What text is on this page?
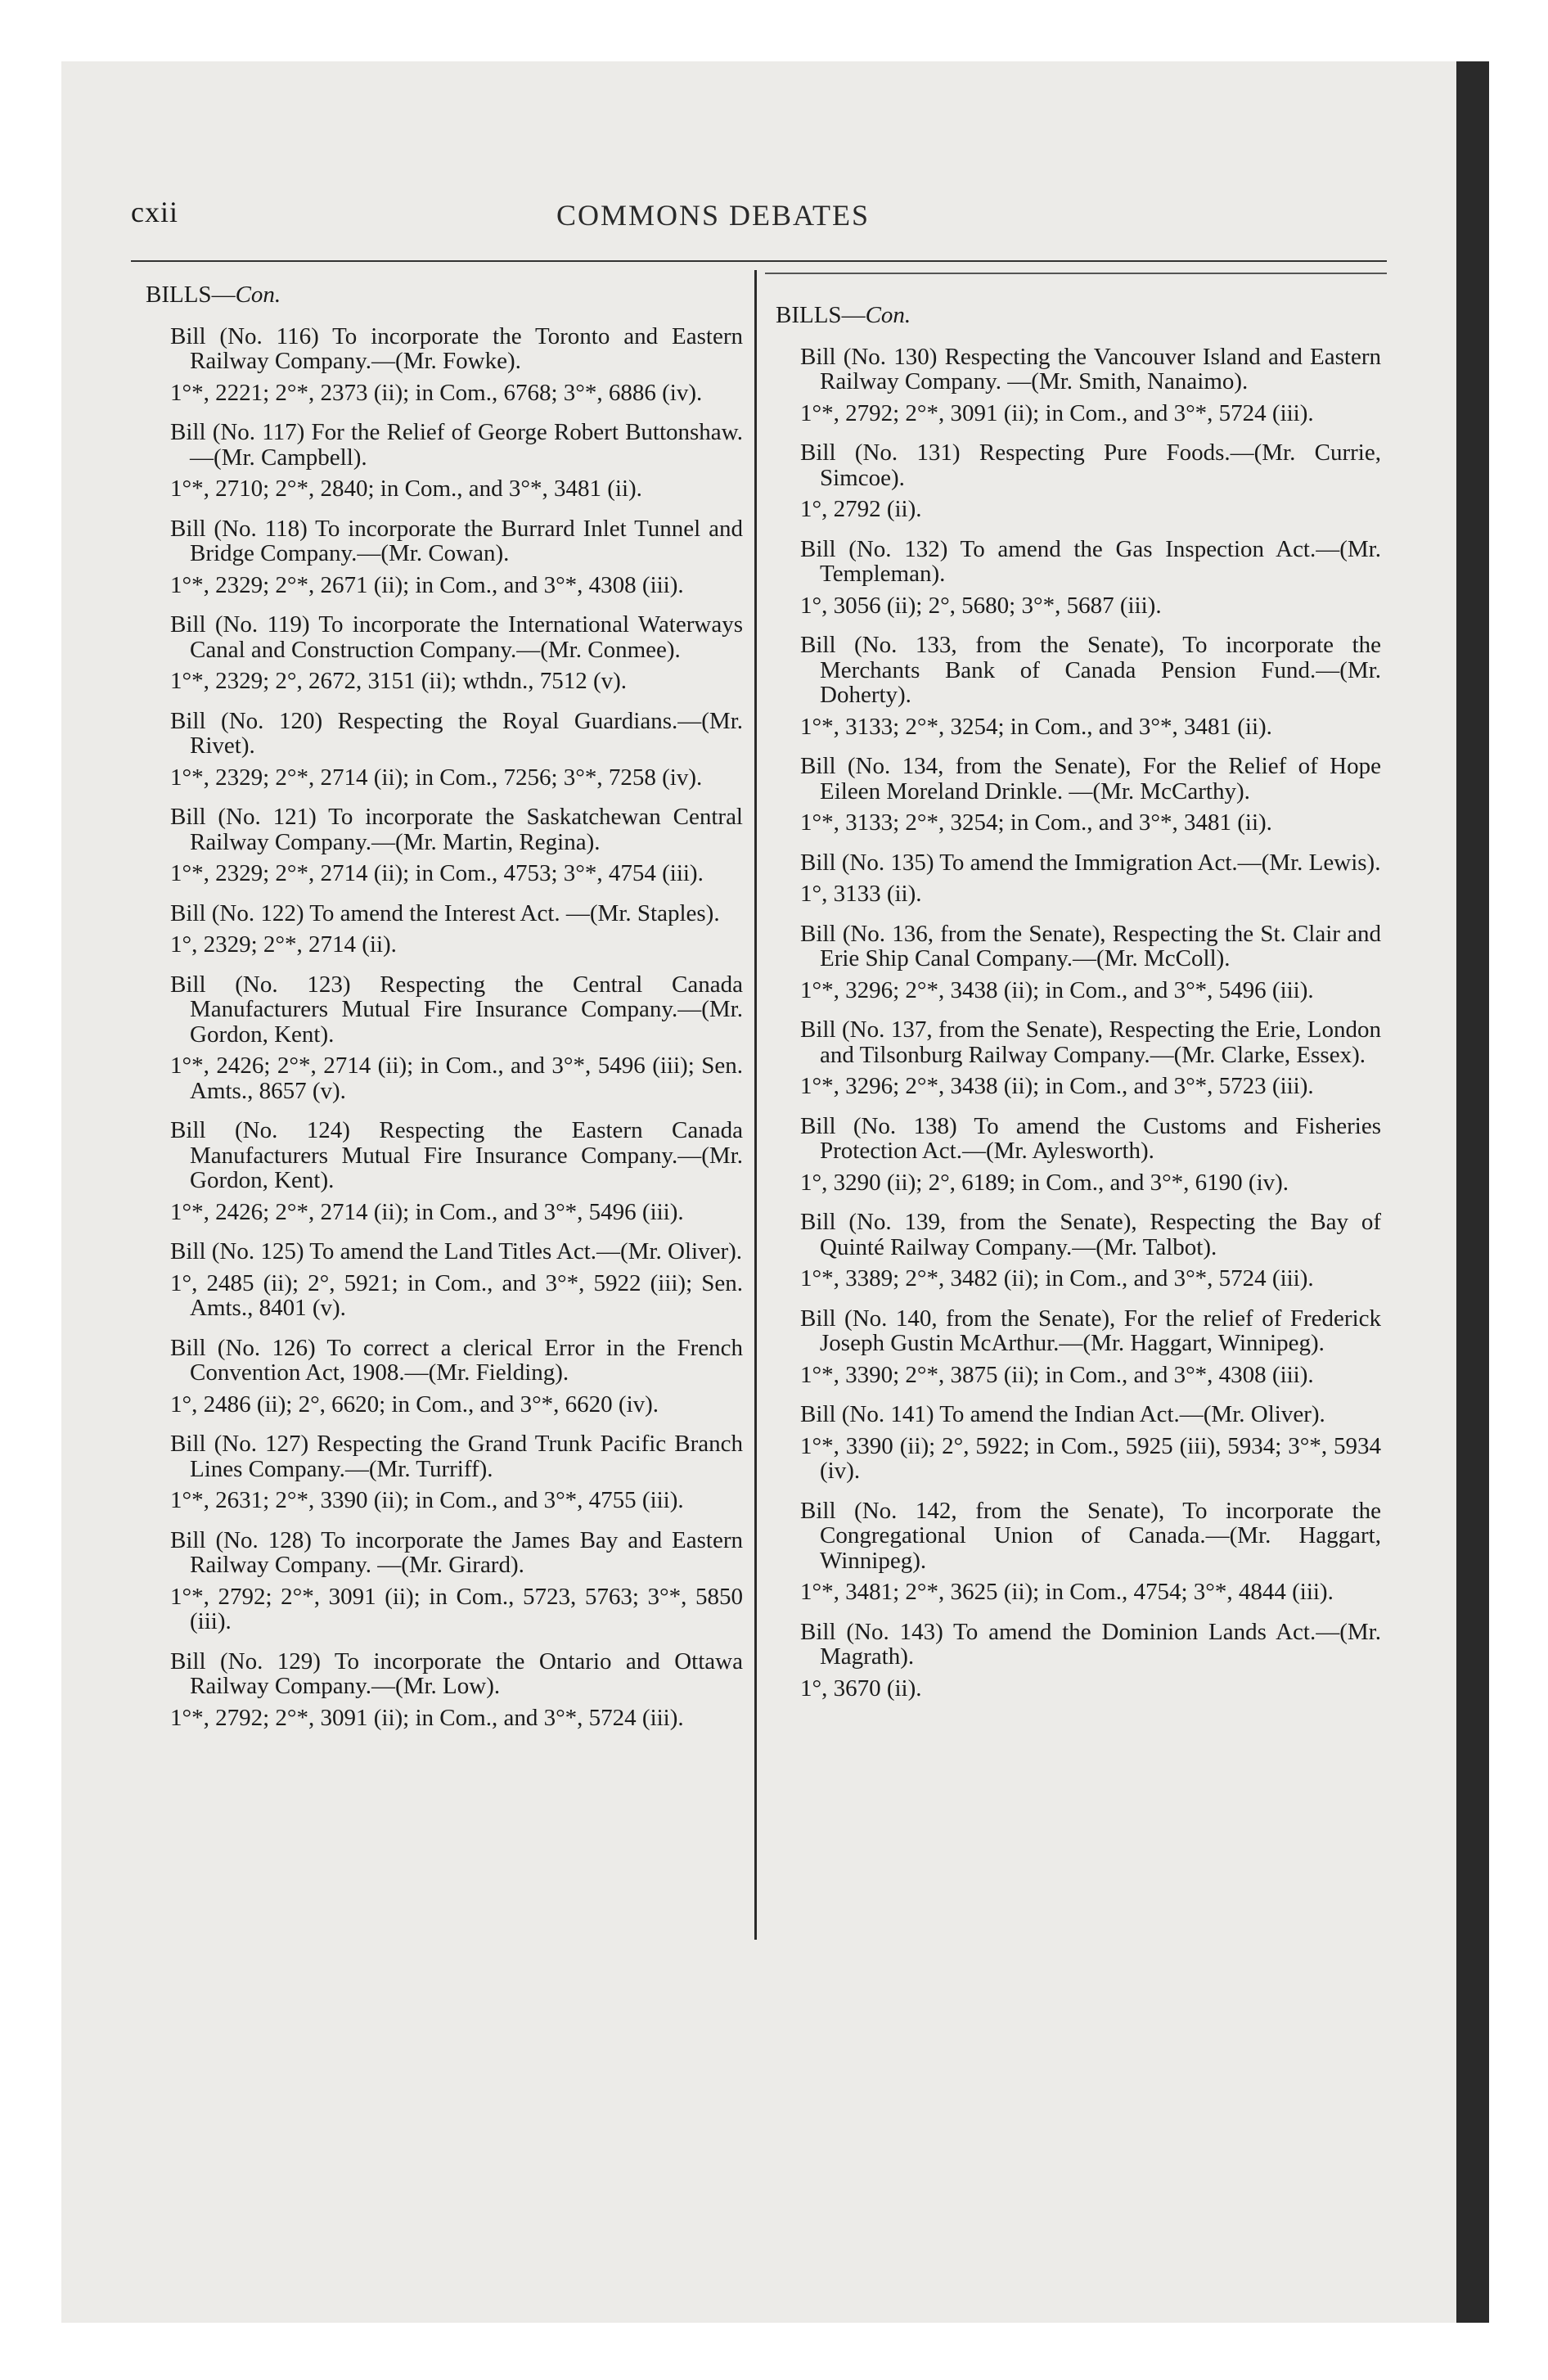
cxii	COMMONS DEBATES
BILLS—Con.
Bill (No. 116) To incorporate the Toronto and Eastern Railway Company.—(Mr. Fowke).
1°*, 2221; 2°*, 2373 (ii); in Com., 6768; 3°*, 6886 (iv).
Bill (No. 117) For the Relief of George Robert Buttonshaw.—(Mr. Campbell).
1°*, 2710; 2°*, 2840; in Com., and 3°*, 3481 (ii).
Bill (No. 118) To incorporate the Burrard Inlet Tunnel and Bridge Company.—(Mr. Cowan).
1°*, 2329; 2°*, 2671 (ii); in Com., and 3°*, 4308 (iii).
Bill (No. 119) To incorporate the International Waterways Canal and Construction Company.—(Mr. Conmee).
1°*, 2329; 2°, 2672, 3151 (ii); wthdn., 7512 (v).
Bill (No. 120) Respecting the Royal Guardians.—(Mr. Rivet).
1°*, 2329; 2°*, 2714 (ii); in Com., 7256; 3°*, 7258 (iv).
Bill (No. 121) To incorporate the Saskatchewan Central Railway Company.—(Mr. Martin, Regina).
1°*, 2329; 2°*, 2714 (ii); in Com., 4753; 3°*, 4754 (iii).
Bill (No. 122) To amend the Interest Act. —(Mr. Staples).
1°, 2329; 2°*, 2714 (ii).
Bill (No. 123) Respecting the Central Canada Manufacturers Mutual Fire Insurance Company.—(Mr. Gordon, Kent).
1°*, 2426; 2°*, 2714 (ii); in Com., and 3°*, 5496 (iii); Sen. Amts., 8657 (v).
Bill (No. 124) Respecting the Eastern Canada Manufacturers Mutual Fire Insurance Company.—(Mr. Gordon, Kent).
1°*, 2426; 2°*, 2714 (ii); in Com., and 3°*, 5496 (iii).
Bill (No. 125) To amend the Land Titles Act.—(Mr. Oliver).
1°, 2485 (ii); 2°, 5921; in Com., and 3°*, 5922 (iii); Sen. Amts., 8401 (v).
Bill (No. 126) To correct a clerical Error in the French Convention Act, 1908.—(Mr. Fielding).
1°, 2486 (ii); 2°, 6620; in Com., and 3°*, 6620 (iv).
Bill (No. 127) Respecting the Grand Trunk Pacific Branch Lines Company.—(Mr. Turriff).
1°*, 2631; 2°*, 3390 (ii); in Com., and 3°*, 4755 (iii).
Bill (No. 128) To incorporate the James Bay and Eastern Railway Company. —(Mr. Girard).
1°*, 2792; 2°*, 3091 (ii); in Com., 5723, 5763; 3°*, 5850 (iii).
Bill (No. 129) To incorporate the Ontario and Ottawa Railway Company.—(Mr. Low).
1°*, 2792; 2°*, 3091 (ii); in Com., and 3°*, 5724 (iii).
BILLS—Con.
Bill (No. 130) Respecting the Vancouver Island and Eastern Railway Company. —(Mr. Smith, Nanaimo).
1°*, 2792; 2°*, 3091 (ii); in Com., and 3°*, 5724 (iii).
Bill (No. 131) Respecting Pure Foods.—(Mr. Currie, Simcoe).
1°, 2792 (ii).
Bill (No. 132) To amend the Gas Inspection Act.—(Mr. Templeman).
1°, 3056 (ii); 2°, 5680; 3°*, 5687 (iii).
Bill (No. 133, from the Senate), To incorporate the Merchants Bank of Canada Pension Fund.—(Mr. Doherty).
1°*, 3133; 2°*, 3254; in Com., and 3°*, 3481 (ii).
Bill (No. 134, from the Senate), For the Relief of Hope Eileen Moreland Drinkle. —(Mr. McCarthy).
1°*, 3133; 2°*, 3254; in Com., and 3°*, 3481 (ii).
Bill (No. 135) To amend the Immigration Act.—(Mr. Lewis).
1°, 3133 (ii).
Bill (No. 136, from the Senate), Respecting the St. Clair and Erie Ship Canal Company.—(Mr. McColl).
1°*, 3296; 2°*, 3438 (ii); in Com., and 3°*, 5496 (iii).
Bill (No. 137, from the Senate), Respecting the Erie, London and Tilsonburg Railway Company.—(Mr. Clarke, Essex).
1°*, 3296; 2°*, 3438 (ii); in Com., and 3°*, 5723 (iii).
Bill (No. 138) To amend the Customs and Fisheries Protection Act.—(Mr. Aylesworth).
1°, 3290 (ii); 2°, 6189; in Com., and 3°*, 6190 (iv).
Bill (No. 139, from the Senate), Respecting the Bay of Quinté Railway Company.—(Mr. Talbot).
1°*, 3389; 2°*, 3482 (ii); in Com., and 3°*, 5724 (iii).
Bill (No. 140, from the Senate), For the relief of Frederick Joseph Gustin McArthur.—(Mr. Haggart, Winnipeg).
1°*, 3390; 2°*, 3875 (ii); in Com., and 3°*, 4308 (iii).
Bill (No. 141) To amend the Indian Act.—(Mr. Oliver).
1°*, 3390 (ii); 2°, 5922; in Com., 5925 (iii), 5934; 3°*, 5934 (iv).
Bill (No. 142, from the Senate), To incorporate the Congregational Union of Canada.—(Mr. Haggart, Winnipeg).
1°*, 3481; 2°*, 3625 (ii); in Com., 4754; 3°*, 4844 (iii).
Bill (No. 143) To amend the Dominion Lands Act.—(Mr. Magrath).
1°, 3670 (ii).
